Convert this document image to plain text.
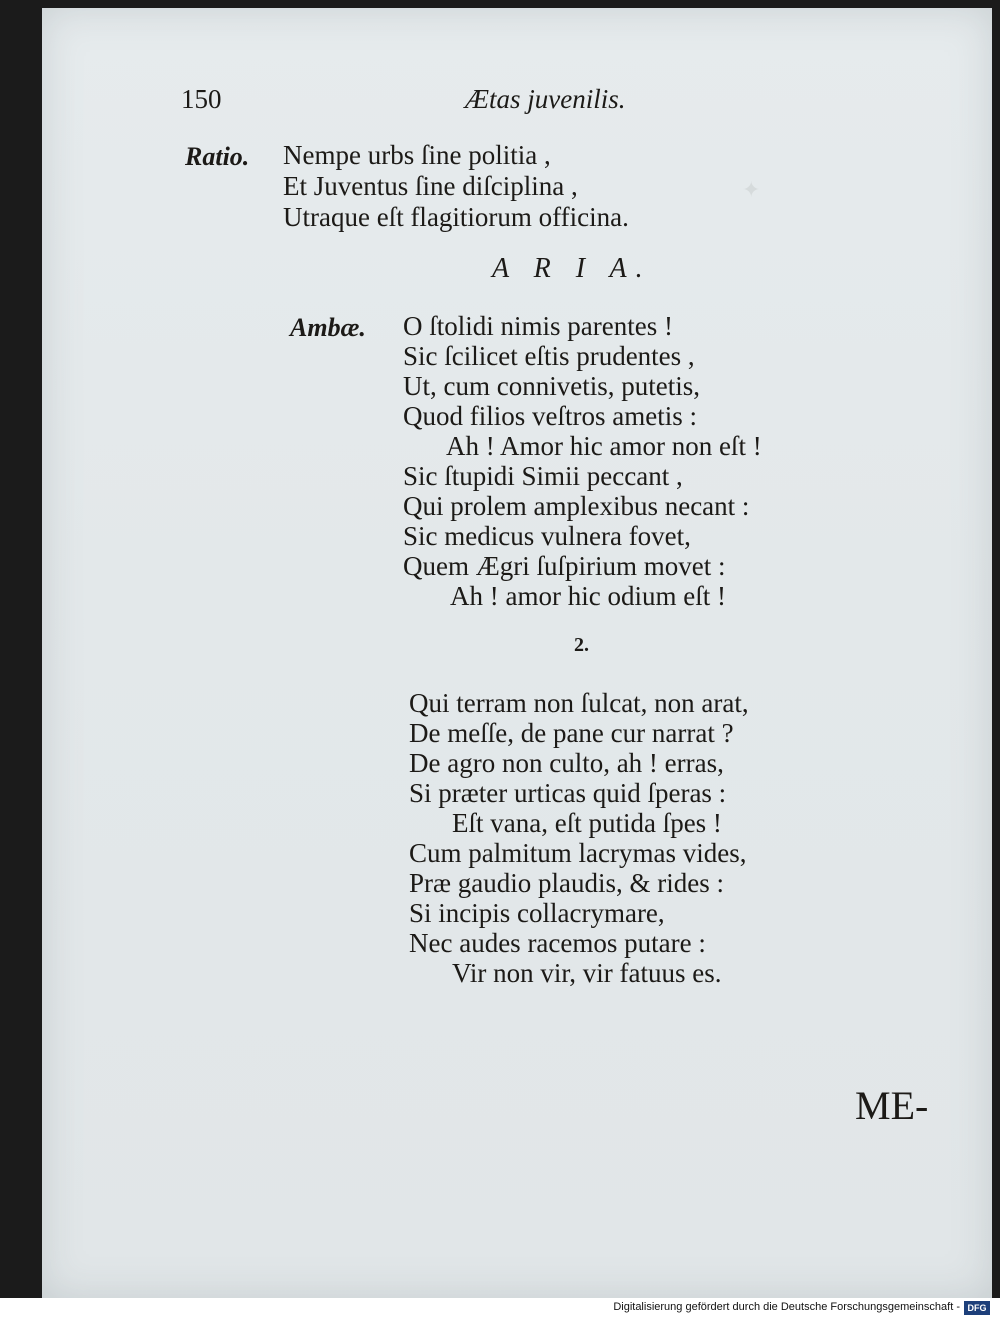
✦
150	Ætas juvenilis.
Ratio. Nempe urbs ſine politia ,
Et Juventus ſine diſciplina ,
Utraque eſt flagitiorum officina.
A R I A.
Ambæ. O ſtolidi nimis parentes !
Sic ſcilicet eſtis prudentes ,
Ut, cum connivetis, putetis,
Quod filios veſtros ametis :
Ah ! Amor hic amor non eſt !
Sic ſtupidi Simii peccant ,
Qui prolem amplexibus necant :
Sic medicus vulnera fovet,
Quem Ægri ſuſpirium movet :
Ah ! amor hic odium eſt !
2.
Qui terram non ſulcat, non arat,
De meſſe, de pane cur narrat ?
De agro non culto, ah ! erras,
Si præter urticas quid ſperas :
Eſt vana, eſt putida ſpes !
Cum palmitum lacrymas vides,
Præ gaudio plaudis, & rides :
Si incipis collacrymare,
Nec audes racemos putare :
Vir non vir, vir fatuus es.
ME-
Digitalisierung gefördert durch die Deutsche Forschungsgemeinschaft - DFG
